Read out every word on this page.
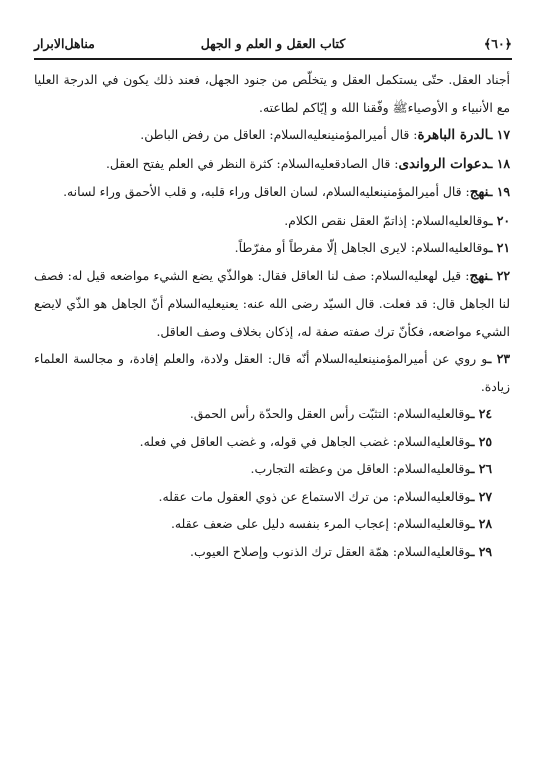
﴿٦٠﴾
كتاب العقل و العلم و الجهل
مناهل‌الابرار

أجناد العقل. حتّى يستكمل العقل و يتخلّص من جنود الجهل، فعند ذلك يكون في الدرجة العليا مع الأنبياء و الأوصياءﷺ وفّقنا الله و إيّاكم لطاعته.

١٧ ـالدرة الباهرة: قال أميرالمؤمنينعليه‌السلام: العاقل من رفض الباطن.

١٨ ـدعوات الرواندى: قال الصادقعليه‌السلام: كثرة النظر في العلم يفتح العقل.

١٩ ـنهج: قال أميرالمؤمنينعليه‌السلام، لسان العاقل وراء قلبه، و قلب الأحمق وراء لسانه.

٢٠ ـوقالعليه‌السلام: إذاتمّ العقل نقص الكلام.

٢١ ـوقالعليه‌السلام: لايرى الجاهل إلّا مفرطاً أو مفرّطاً.

٢٢ ـنهج: قيل لهعليه‌السلام: صف لنا العاقل فقال: هوالذّي يضع الشيء مواضعه قيل له: فصف لنا الجاهل قال: قد فعلت. قال السيّد رضى الله عنه: يعنيعليه‌السلام أنّ الجاهل هو الذّي لايضع الشيء مواضعه، فكأنّ ترك صفته صفة له، إذكان بخلاف وصف العاقل.

٢٣ ـو روي عن أميرالمؤمنينعليه‌السلام أنّه قال: العقل ولادة، والعلم إفادة، و مجالسة العلماء زيادة.

٢٤ ـوقالعليه‌السلام: التثبّت رأس العقل والحدّة رأس الحمق.

٢٥ ـوقالعليه‌السلام: غضب الجاهل في قوله، و غضب العاقل في فعله.

٢٦ ـوقالعليه‌السلام: العاقل من وعظته التجارب.

٢٧ ـوقالعليه‌السلام: من ترك الاستماع عن ذوي العقول مات عقله.

٢٨ ـوقالعليه‌السلام: إعجاب المرء بنفسه دليل على ضعف عقله.

٢٩ ـوقالعليه‌السلام: همّة العقل ترك الذنوب وإصلاح العيوب.
